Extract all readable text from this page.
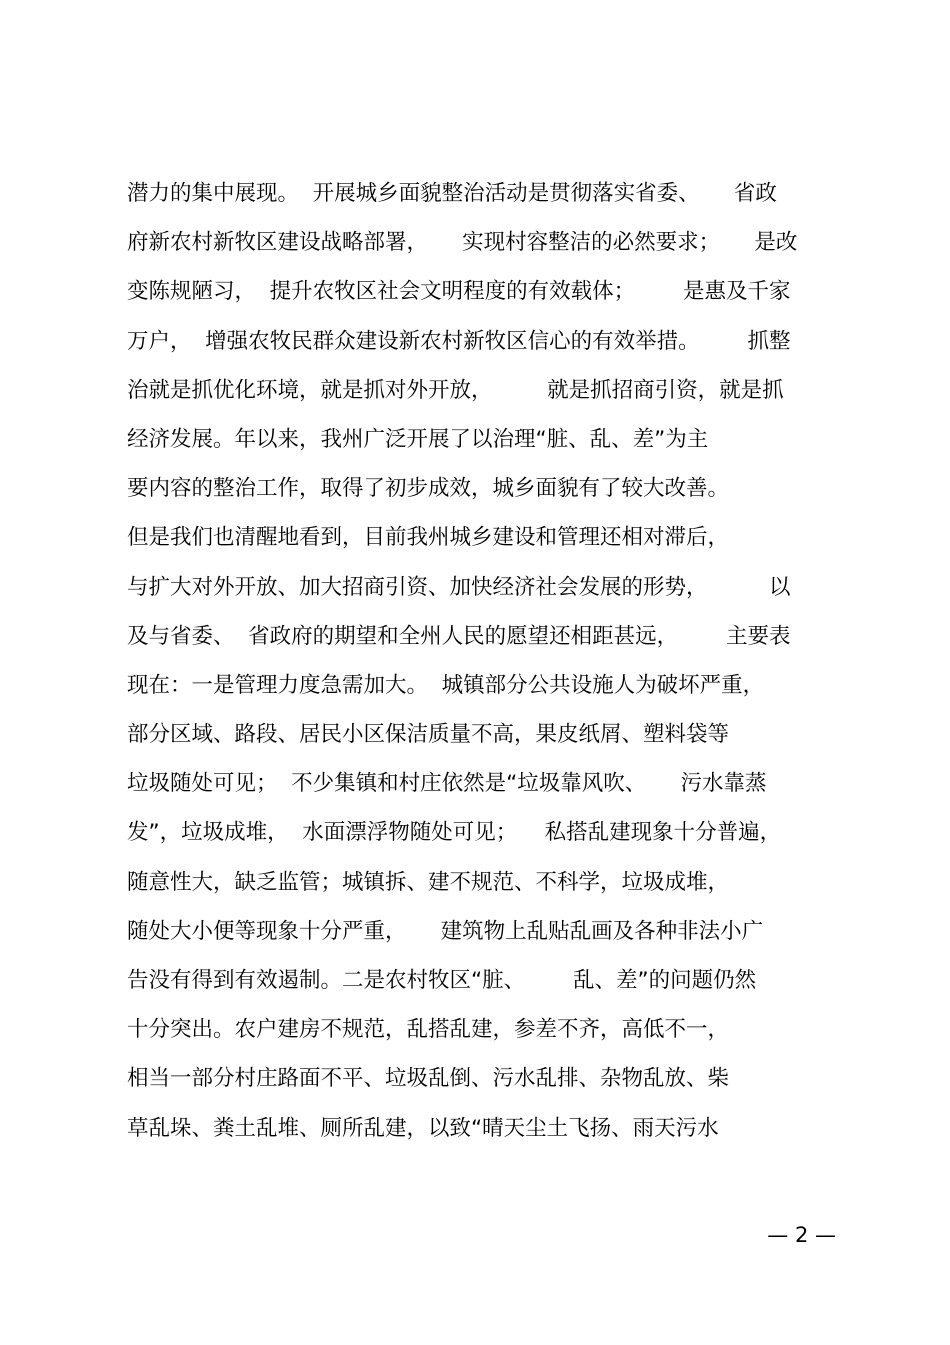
潜力的集中展现。  开展城乡面貌整治活动是贯彻落实省委、     省政
府新农村新牧区建设战略部署，     实现村容整洁的必然要求；     是改
变陈规陋习，  提升农牧区社会文明程度的有效载体；       是惠及千家
万户，  增强农牧民群众建设新农村新牧区信心的有效举措。       抓整
治就是抓优化环境，就是抓对外开放，        就是抓招商引资，就是抓
经济发展。年以来，我州广泛开展了以治理“脏、乱、差”为主
要内容的整治工作，取得了初步成效，城乡面貌有了较大改善。
但是我们也清醒地看到，目前我州城乡建设和管理还相对滞后，
与扩大对外开放、加大招商引资、加快经济社会发展的形势，         以
及与省委、  省政府的期望和全州人民的愿望还相距甚远，       主要表
现在：一是管理力度急需加大。  城镇部分公共设施人为破坏严重，
部分区域、路段、居民小区保洁质量不高，果皮纸屑、塑料袋等
垃圾随处可见；  不少集镇和村庄依然是“垃圾靠风吹、     污水靠蒸
发”，垃圾成堆，  水面漂浮物随处可见；    私搭乱建现象十分普遍，
随意性大，缺乏监管；城镇拆、建不规范、不科学，垃圾成堆，
随处大小便等现象十分严重，     建筑物上乱贴乱画及各种非法小广
告没有得到有效遏制。二是农村牧区“脏、       乱、差”的问题仍然
十分突出。农户建房不规范，乱搭乱建，参差不齐，高低不一，
相当一部分村庄路面不平、垃圾乱倒、污水乱排、杂物乱放、柴
草乱垛、粪土乱堆、厕所乱建，以致“晴天尘土飞扬、雨天污水
— 2 —
